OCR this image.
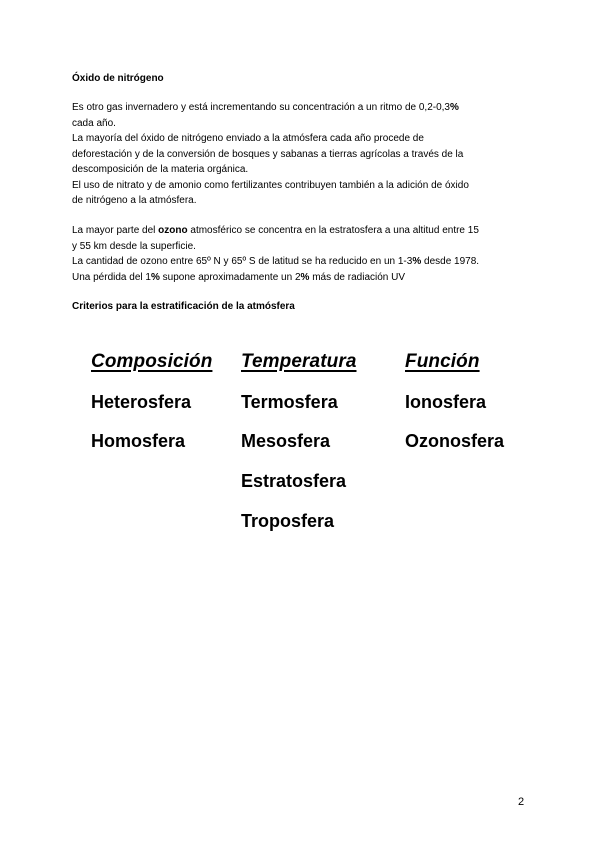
Óxido de nitrógeno
Es otro gas invernadero y está incrementando su concentración a un ritmo de 0,2-0,3%
cada año.
La mayoría del óxido de nitrógeno enviado a la atmósfera cada año procede de
deforestación y de la conversión de bosques y sabanas a tierras agrícolas a través de la
descomposición de la materia orgánica.
El uso de nitrato y de amonio como fertilizantes contribuyen también a la adición de óxido
de nitrógeno a la atmósfera.
La mayor parte del ozono atmosférico se concentra en la estratosfera a una altitud entre 15
y 55 km desde la superficie.
La cantidad de ozono entre 65º N y 65º S de latitud se ha reducido en un 1-3% desde 1978.
Una pérdida del 1% supone aproximadamente un 2% más de radiación UV
Criterios para la estratificación de la atmósfera
Composición Temperatura	Función
Heterosfera
Homosfera
Termosfera
Mesosfera
Estratosfera
Troposfera
Ionosfera
Ozonosfera
2
